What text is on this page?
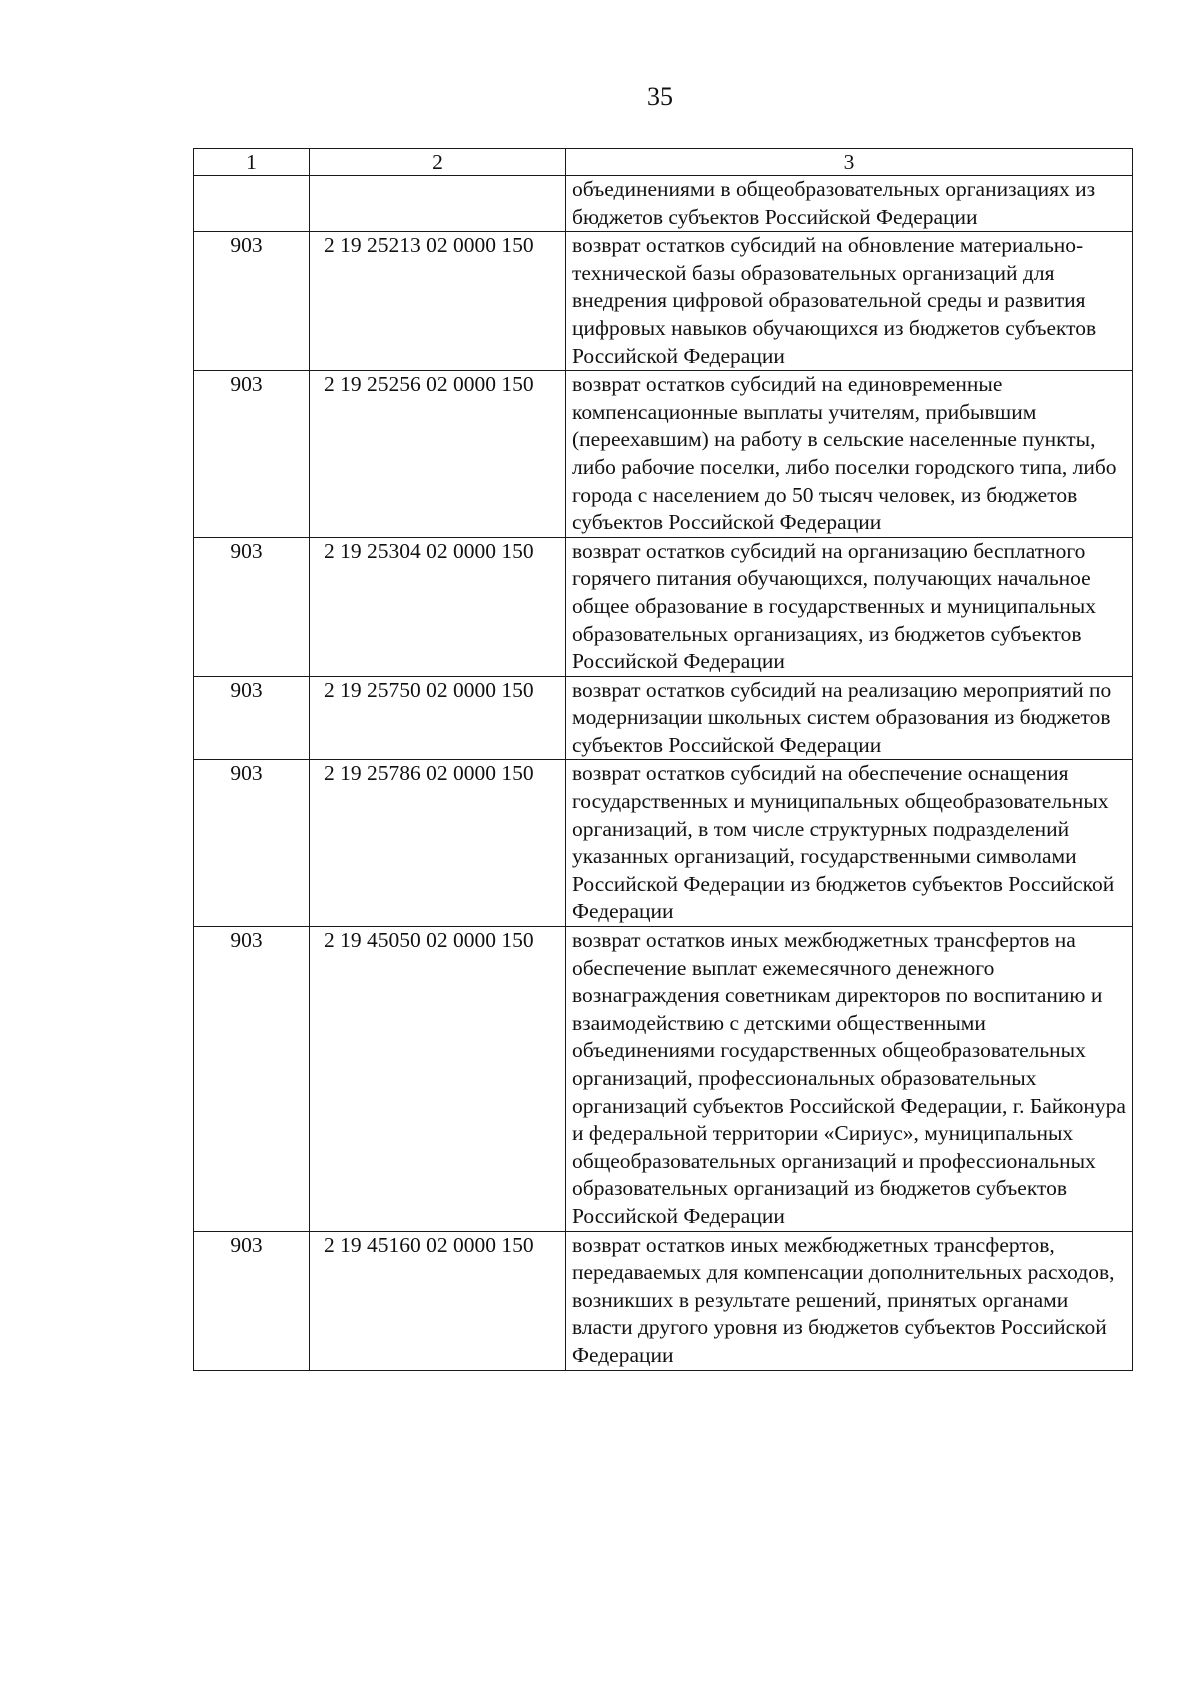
35
1	2	3
		объединениями в общеобразовательных организациях из бюджетов субъектов Российской Федерации
903	2 19 25213 02 0000 150	возврат остатков субсидий на обновление материально-технической базы образовательных организаций для внедрения цифровой образовательной среды и развития цифровых навыков обучающихся из бюджетов субъектов Российской Федерации
903	2 19 25256 02 0000 150	возврат остатков субсидий на единовременные компенсационные выплаты учителям, прибывшим (переехавшим) на работу в сельские населенные пункты, либо рабочие поселки, либо поселки городского типа, либо города с населением до 50 тысяч человек, из бюджетов субъектов Российской Федерации
903	2 19 25304 02 0000 150	возврат остатков субсидий на организацию бесплатного горячего питания обучающихся, получающих начальное общее образование в государственных и муниципальных образовательных организациях, из бюджетов субъектов Российской Федерации
903	2 19 25750 02 0000 150	возврат остатков субсидий на реализацию мероприятий по модернизации школьных систем образования из бюджетов субъектов Российской Федерации
903	2 19 25786 02 0000 150	возврат остатков субсидий на обеспечение оснащения государственных и муниципальных общеобразовательных организаций, в том числе структурных подразделений указанных организаций, государственными символами Российской Федерации из бюджетов субъектов Российской Федерации
903	2 19 45050 02 0000 150	возврат остатков иных межбюджетных трансфертов на обеспечение выплат ежемесячного денежного вознаграждения советникам директоров по воспитанию и взаимодействию с детскими общественными объединениями государственных общеобразовательных организаций, профессиональных образовательных организаций субъектов Российской Федерации, г. Байконура и федеральной территории «Сириус», муниципальных общеобразовательных организаций и профессиональных образовательных организаций из бюджетов субъектов Российской Федерации
903	2 19 45160 02 0000 150	возврат остатков иных межбюджетных трансфертов, передаваемых для компенсации дополнительных расходов, возникших в результате решений, принятых органами власти другого уровня из бюджетов субъектов Российской Федерации
